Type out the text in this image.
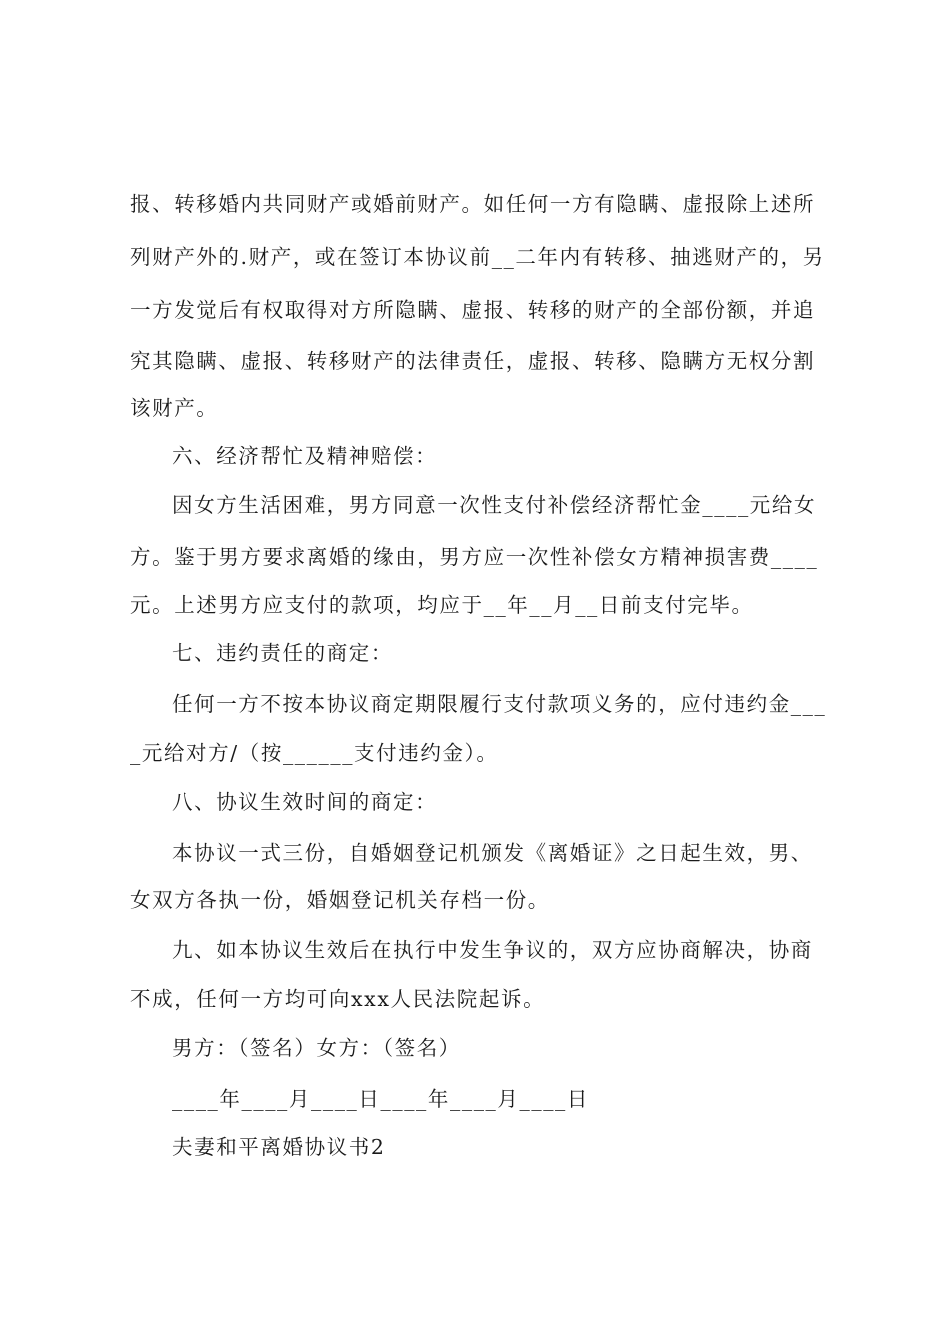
报、转移婚内共同财产或婚前财产。如任何一方有隐瞒、虚报除上述所
列财产外的.财产，或在签订本协议前__二年内有转移、抽逃财产的，另
一方发觉后有权取得对方所隐瞒、虚报、转移的财产的全部份额，并追
究其隐瞒、虚报、转移财产的法律责任，虚报、转移、隐瞒方无权分割
该财产。
六、经济帮忙及精神赔偿：
因女方生活困难，男方同意一次性支付补偿经济帮忙金____元给女
方。鉴于男方要求离婚的缘由，男方应一次性补偿女方精神损害费____
元。上述男方应支付的款项，均应于__年__月__日前支付完毕。
七、违约责任的商定：
任何一方不按本协议商定期限履行支付款项义务的，应付违约金___
_元给对方/（按______支付违约金）。
八、协议生效时间的商定：
本协议一式三份，自婚姻登记机颁发《离婚证》之日起生效，男、
女双方各执一份，婚姻登记机关存档一份。
九、如本协议生效后在执行中发生争议的，双方应协商解决，协商
不成，任何一方均可向xxx人民法院起诉。
男方：（签名）女方：（签名）
____年____月____日____年____月____日
夫妻和平离婚协议书2
